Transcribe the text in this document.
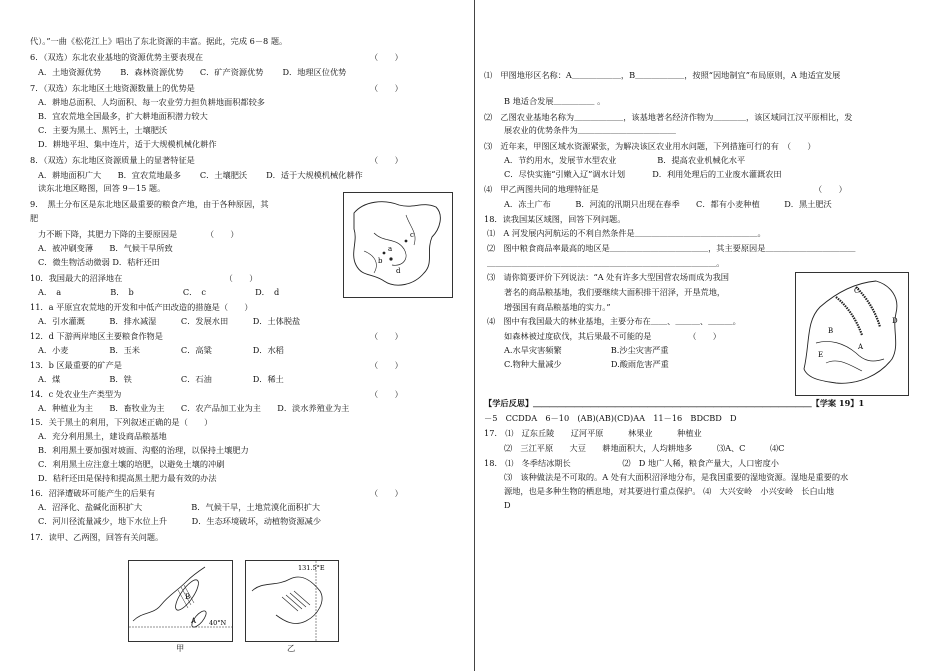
代）。”一曲《松花江上》唱出了东北资源的丰富。据此，完成 6－8 题。
6．（双选）东北农业基地的资源优势主要表现在	（　　）
A．土地资源优势　　 B．森林资源优势　　C．矿产资源优势　　 D．地理区位优势
7．（双选）东北地区土地资源数量上的优势是	（　　）
A．耕地总面积、人均面积、每一农业劳力担负耕地面积都较多
B．宜农荒地全国最多，扩大耕地面积潜力较大
C．主要为黑土、黑钙土，土壤肥沃
D．耕地平坦、集中连片，适于大规模机械化耕作
8．（双选）东北地区资源质量上的显著特征是	（　　）
A．耕地面积广大　　B．宜农荒地最多　　 C．土壤肥沃　　 D．适于大规模机械化耕作
读东北地区略图，回答 9－15 题。
9．　黑土分布区是东北地区最重要的粮食产地，由于各种原因，其
肥
力不断下降，其肥力下降的主要原因是　　　　（　　）
A．被冲刷变薄　　B．气候干旱所致
C．微生物活动微弱 D．秸秆还田
10．我国最大的沼泽地在　　　　　　　　　　　　　（　　）
A．　a　　　　　　B．　b　　　　　　C．　c　　　　　　D．　d
11．a 平原宜农荒地的开发和中低产田改造的措施是（　　）
A．引水灌溉　　　B．排水减湿　　　C．发展水田　　　D．土体脱盐
12．d 下游两岸地区主要粮食作物是	（　　）
A．小麦　　　　　B．玉米　　　　　C．高粱　　　　　D．水稻
13．b 区最重要的矿产是	（　　）
A．煤　　　　　　B．铁　　　　　　C．石油　　　　　D．稀土
14．c 处农业生产类型为	（　　）
A．种植业为主　　B．畜牧业为主　　C．农产品加工业为主　　D．淡水养殖业为主
15．关于黑土的利用，下列叙述正确的是（　　）
A．充分利用黑土，建设商品粮基地
B．利用黑土要加强对坡面、沟壑的治理，以保持土壤肥力
C．利用黑土应注意土壤的培肥，以避免土壤的冲刷
D．秸秆还田是保持和提高黑土肥力最有效的办法
16．沼泽遭破坏可能产生的后果有	（　　）
A．沼泽化、盐碱化面积扩大　　　　　　B．气候干旱，土地荒漠化面积扩大
C．河川径流量减少，地下水位上升　　　D．生态环境破坏，动植物资源减少
17．读甲、乙两图，回答有关问题。
⑴　甲图地形区名称：A＿＿＿＿＿＿，B＿＿＿＿＿＿，按照“因地制宜”布局原则，A 地适宜发展
B 地适合发展＿＿＿＿＿ 。
⑵　乙图农业基地名称为＿＿＿＿＿＿，该基地著名经济作物为＿＿＿＿，该区域同江汉平原相比，发
展农业的优势条件为＿＿＿＿＿＿＿＿＿＿＿＿
⑶　近年来，甲图区域水资源紧张，为解决该区农业用水问题，下列措施可行的有　（　　）
A．节约用水，发展节水型农业　　　　　B．提高农业机械化水平
C．尽快实施“引嫩入辽”调水计划　　　 D．利用处理后的工业废水灌溉农田
⑷　甲乙两图共同的地理特征是	（　　）
A．冻土广布　　　B．河流的汛期只出现在春季　　C．都有小麦种植　　　D．黑土肥沃
18．读我国某区域图，回答下列问题。
⑴　A 河发展内河航运的不利自然条件是＿＿＿＿＿＿＿＿＿＿＿＿＿＿＿。
⑵　图中粮食商品率最高的地区是＿＿＿＿＿＿＿＿＿＿＿＿，其主要原因是＿＿＿＿＿＿＿＿＿＿＿
＿＿＿＿＿＿＿＿＿＿＿＿＿＿＿＿＿＿＿＿＿＿＿＿＿＿＿＿。
⑶　请你简要评价下列说法：“A 处有许多大型国营农场而成为我国
著名的商品粮基地，我们要继续大面积排干沼泽，开垦荒地，
增强国有商品粮基地的实力。”
⑷　图中有我国最大的林业基地，主要分布在＿＿、＿＿＿、＿＿＿。
如森林被过度砍伐，其后果最不可能的是　　　　　（　　）
A.水旱灾害频繁　　　　　　B.沙尘灾害严重
C.物种大量减少　　　　　　D.酸雨危害严重
【学后反思】＿＿＿＿＿＿＿＿＿＿＿＿＿＿＿＿＿＿＿＿＿＿＿＿＿＿＿＿＿＿＿＿＿＿【学案 19】1
－5　CCDDA　6－10　(AB)(AB)(CD)AA　11－16　BDCBD　D
17.　⑴　辽东丘陵　　辽河平原　　　林果业　　　种植业
⑵　三江平原　　大豆　　耕地面积大，人均耕地多　　　⑶A、C　　　⑷C
18.　⑴　冬季结冰期长　　　　　　 ⑵　D 地广人稀，粮食产量大，人口密度小
⑶　该种做法是不可取的。A 处有大面积沼泽地分布，是我国重要的湿地资源。湿地是重要的水
源地，也是多种生物的栖息地，对其要进行重点保护。 ⑷　大兴安岭　小兴安岭　长白山地
D
a
b
c
d
B
A 40°N
甲
131.5°E
乙
C
D
B
A
E
